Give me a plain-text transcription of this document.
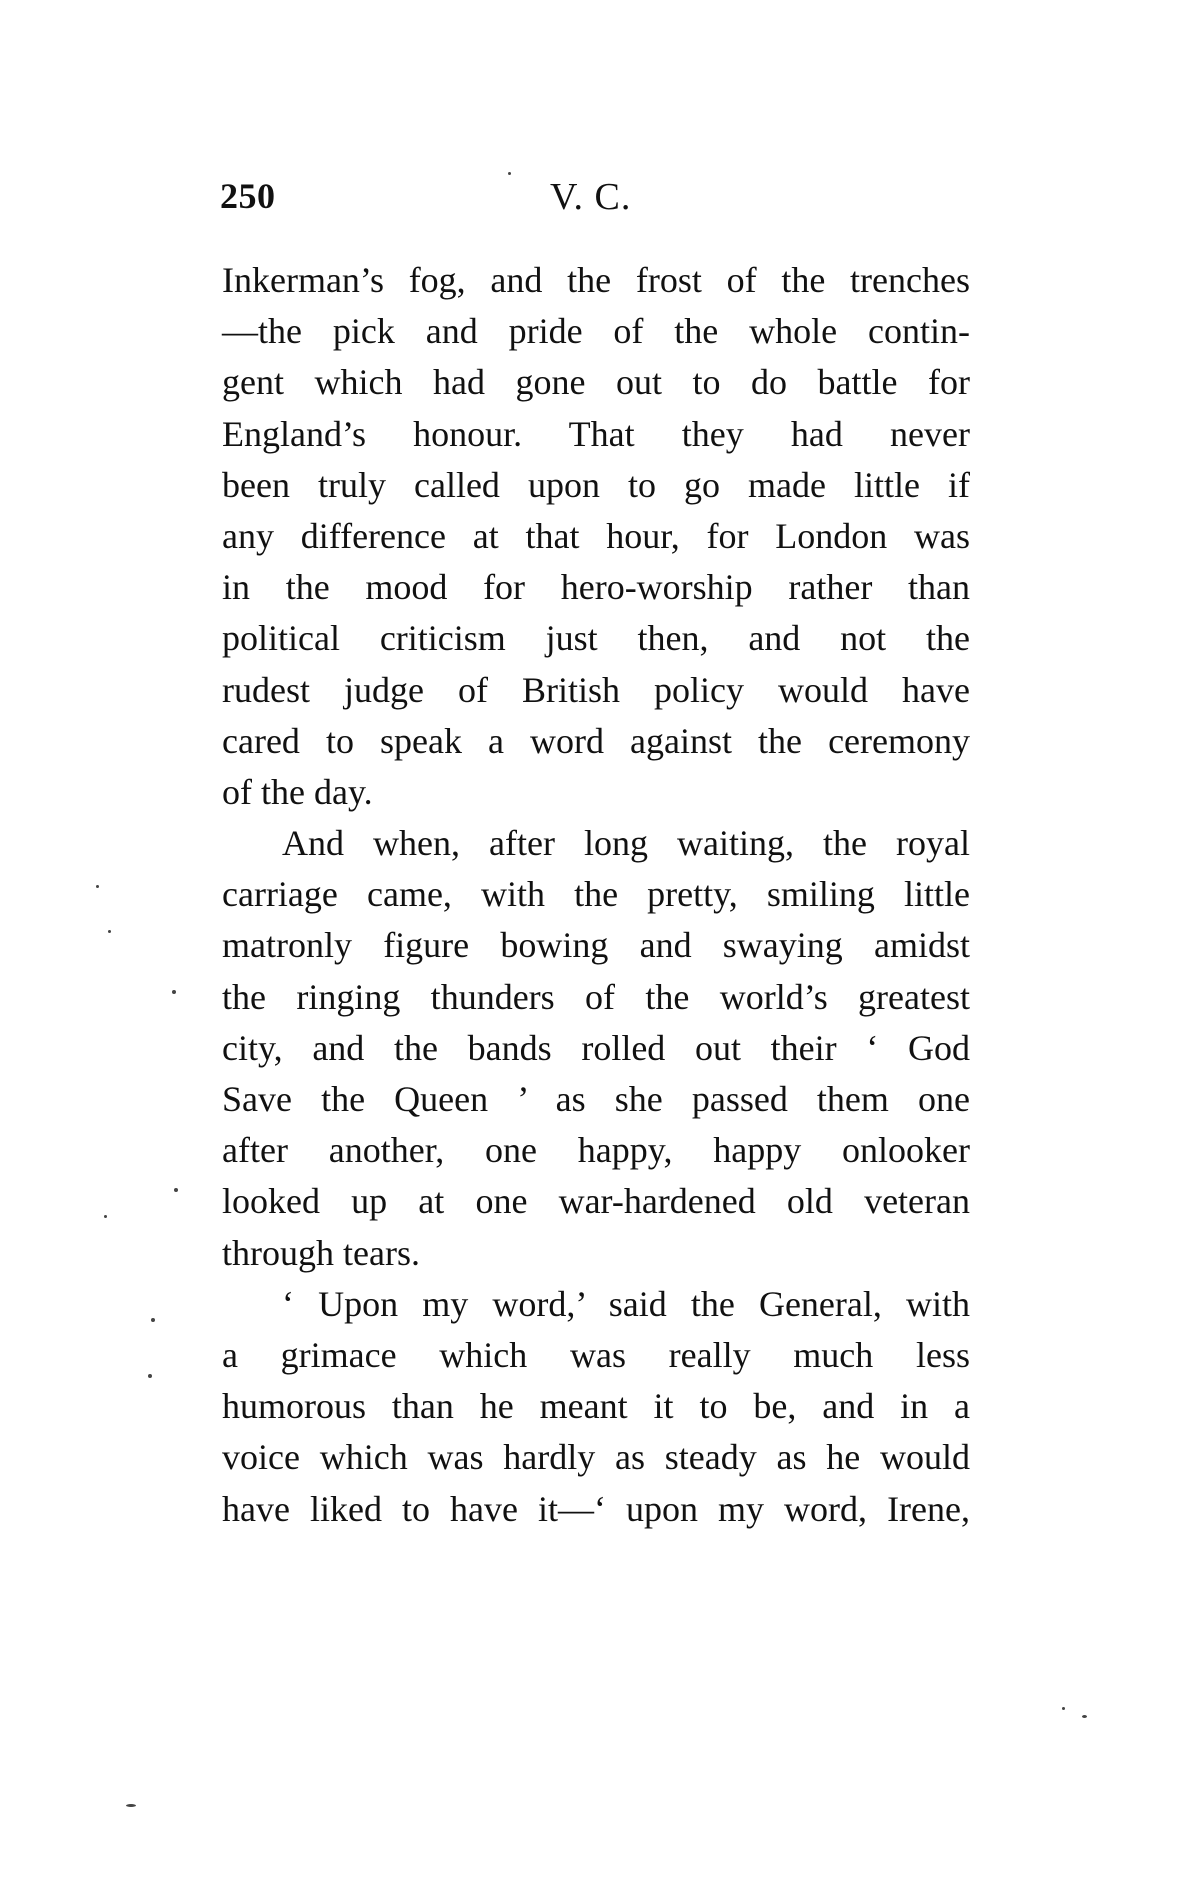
250	V. C.
Inkerman’s fog, and the frost of the trenches
—the pick and pride of the whole contin-
gent which had gone out to do battle for
England’s honour. That they had never
been truly called upon to go made little if
any difference at that hour, for London was
in the mood for hero-worship rather than
political criticism just then, and not the
rudest judge of British policy would have
cared to speak a word against the ceremony
of the day.
And when, after long waiting, the royal
carriage came, with the pretty, smiling little
matronly figure bowing and swaying amidst
the ringing thunders of the world’s greatest
city, and the bands rolled out their ‘ God
Save the Queen ’ as she passed them one
after another, one happy, happy onlooker
looked up at one war-hardened old veteran
through tears.
‘ Upon my word,’ said the General, with
a grimace which was really much less
humorous than he meant it to be, and in a
voice which was hardly as steady as he would
have liked to have it—‘ upon my word, Irene,
